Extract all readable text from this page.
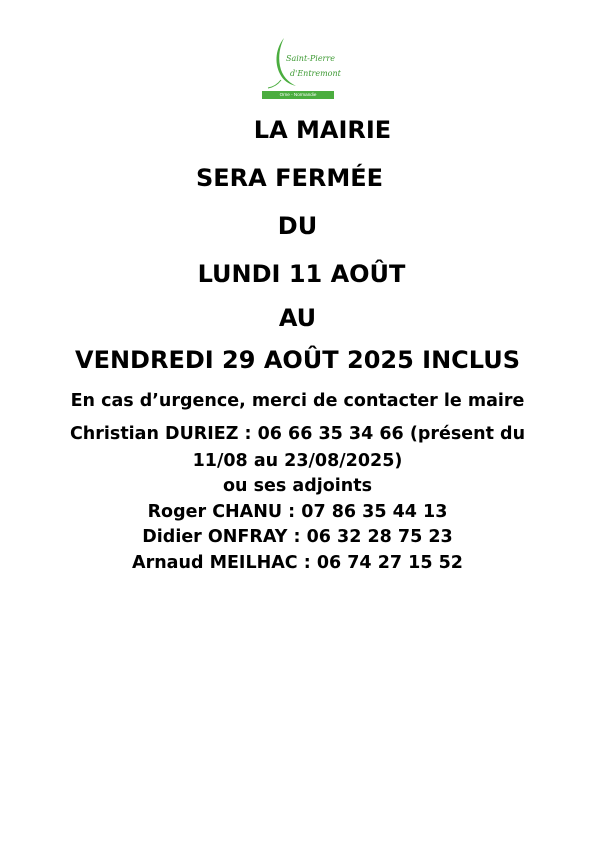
Saint-Pierre
d'Entremont
Orne - Normandie
LA MAIRIE
SERA FERMÉE
DU
LUNDI 11 AOÛT
AU
VENDREDI 29 AOÛT 2025 INCLUS
En cas d’urgence, merci de contacter le maire
Christian DURIEZ : 06 66 35 34 66 (présent du
11/08 au 23/08/2025)
ou ses adjoints
Roger CHANU : 07 86 35 44 13
Didier ONFRAY : 06 32 28 75 23
Arnaud MEILHAC : 06 74 27 15 52
